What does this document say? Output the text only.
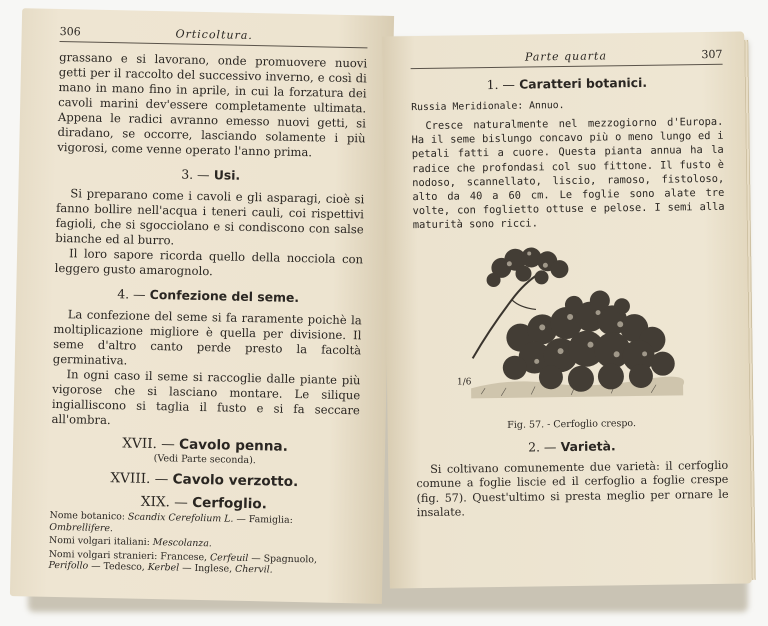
306	Orticoltura.

grassano e si lavorano, onde promuovere nuovi getti per il raccolto del successivo inverno, e così di mano in mano fino in aprile, in cui la forzatura dei cavoli marini dev'essere completamente ultimata. Appena le radici avranno emesso nuovi getti, si diradano, se occorre, lasciando solamente i più vigorosi, come venne operato l'anno prima.

3. — Usi.

Si preparano come i cavoli e gli asparagi, cioè si fanno bollire nell'acqua i teneri cauli, coi rispettivi fagioli, che si sgocciolano e si condiscono con salse bianche ed al burro.

Il loro sapore ricorda quello della nocciola con leggero gusto amarognolo.

4. — Confezione del seme.

La confezione del seme si fa raramente poichè la moltiplicazione migliore è quella per divisione. Il seme d'altro canto perde presto la facoltà germinativa.

In ogni caso il seme si raccoglie dalle piante più vigorose che si lasciano montare. Le silique ingialliscono si taglia il fusto e si fa seccare all'ombra.

XVII. — Cavolo penna.
(Vedi Parte seconda).
XVIII. — Cavolo verzotto.
XIX. — Cerfoglio.

Nome botanico: Scandix Cerefolium L. — Famiglia: Ombrellifere.

Nomi volgari italiani: Mescolanza.

Nomi volgari stranieri: Francese, Cerfeuil — Spagnuolo, Perifollo — Tedesco, Kerbel — Inglese, Chervil.

Parte quarta	307
1. — Caratteri botanici.

Russia Meridionale: Annuo.

Cresce naturalmente nel mezzogiorno d'Europa. Ha il seme bislungo concavo più o meno lungo ed i petali fatti a cuore. Questa pianta annua ha la radice che profondasi col suo fittone. Il fusto è nodoso, scannellato, liscio, ramoso, fistoloso, alto da 40 a 60 cm. Le foglie sono alate tre volte, con foglietto ottuse e pelose. I semi alla maturità sono ricci.

1/6
Fig. 57. - Cerfoglio crespo.
2. — Varietà.

Si coltivano comunemente due varietà: il cerfoglio comune a foglie liscie ed il cerfoglio a foglie crespe (fig. 57). Quest'ultimo si presta meglio per ornare le insalate.
